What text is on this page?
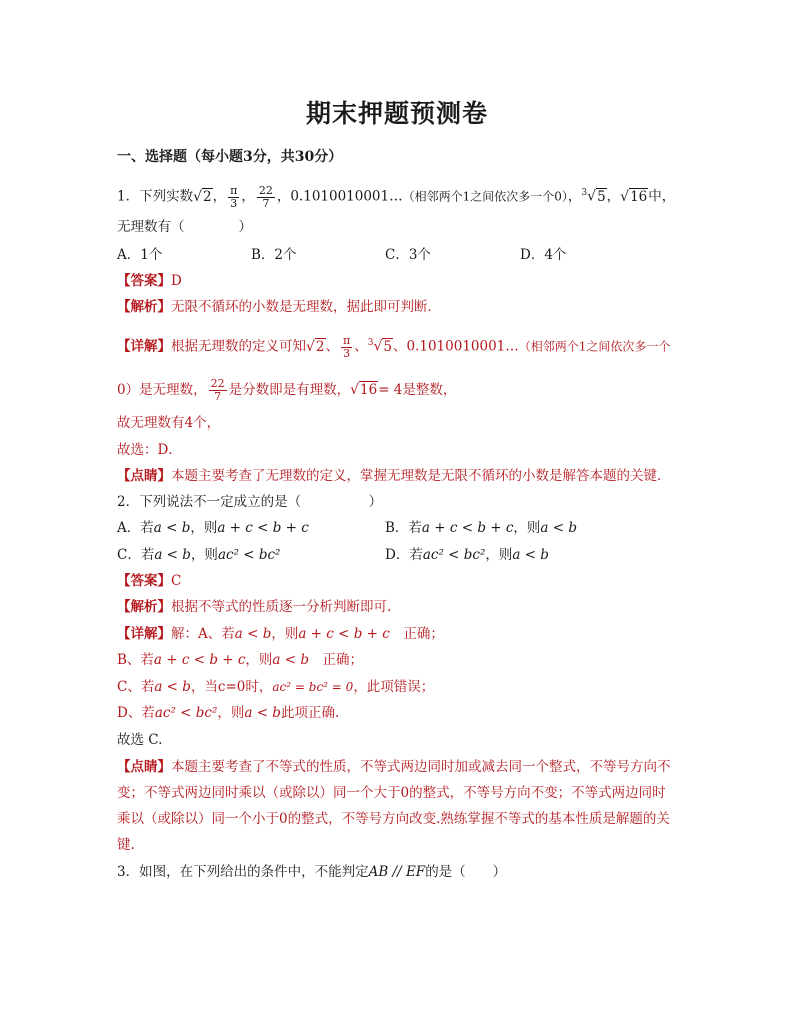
期末押题预测卷
一、选择题（每小题3分，共30分）
1．下列实数√2， $\frac{\pi}{3}$ ， $\frac{22}{7}$ ，0.1010010001…（相邻两个1之间依次多一个0），$^3$√5，√16中，
无理数有（　　　　）
A．1个	B．2个	C．3个	D．4个
【答案】D
【解析】无限不循环的小数是无理数，据此即可判断．
【详解】根据无理数的定义可知√2、 $\frac{\pi}{3}$ 、$^3$√5、0.1010010001…（相邻两个1之间依次多一个
0）是无理数， $\frac{22}{7}$ 是分数即是有理数，√16= 4是整数，
故无理数有4个，
故选：D．
【点睛】本题主要考查了无理数的定义，掌握无理数是无限不循环的小数是解答本题的关键．
2．下列说法不一定成立的是（　　　　　）
A．若a < b，则a + c < b + c	B．若a + c < b + c，则a < b
C．若a < b，则ac² < bc²	D．若ac² < bc²，则a < b
【答案】C
【解析】根据不等式的性质逐一分析判断即可.
【详解】解：A、若a < b，则a + c < b + c　正确；
B、若a + c < b + c，则a < b　正确；
C、若a < b，当c=0时，ac² = bc² = 0，此项错误；
D、若ac² < bc²，则a < b此项正确.
故选 C.
【点睛】本题主要考查了不等式的性质，不等式两边同时加或减去同一个整式，不等号方向不
变；不等式两边同时乘以（或除以）同一个大于0的整式，不等号方向不变；不等式两边同时
乘以（或除以）同一个小于0的整式，不等号方向改变.熟练掌握不等式的基本性质是解题的关
键.
3．如图，在下列给出的条件中，不能判定AB // EF的是（　　）
